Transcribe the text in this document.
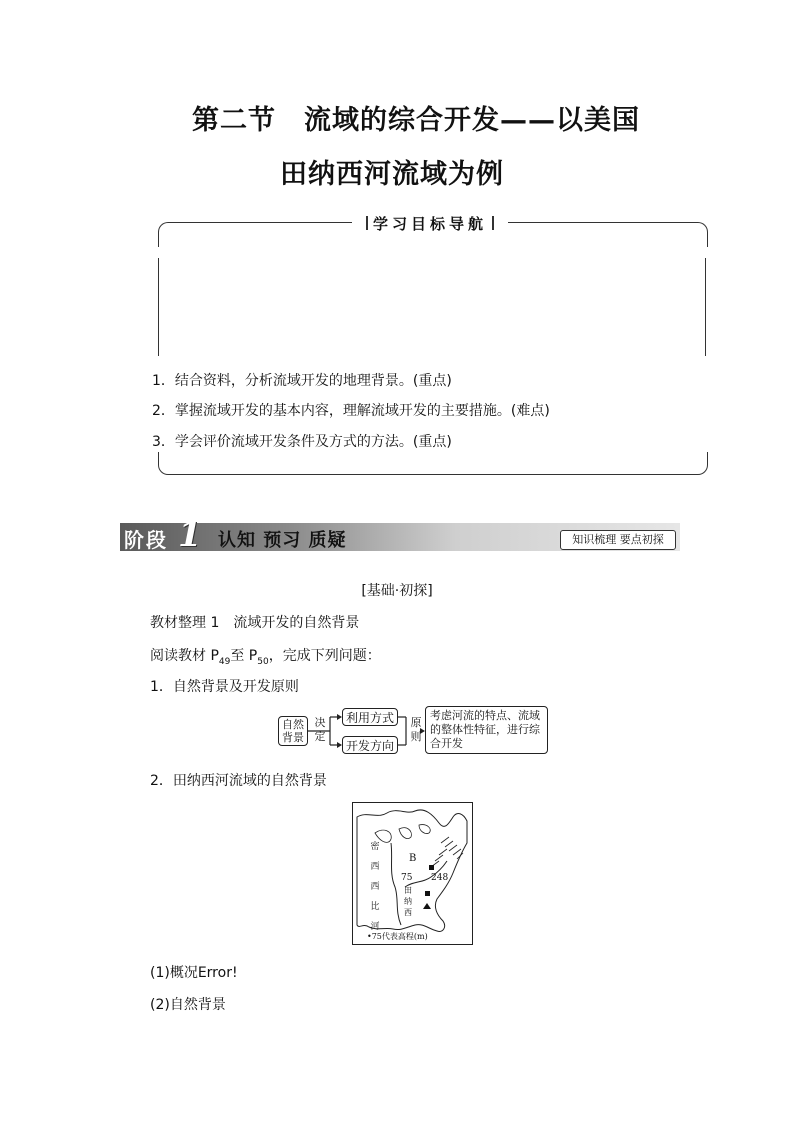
第二节　流域的综合开发——以美国
田纳西河流域为例
学习目标导航
1．结合资料，分析流域开发的地理背景。(重点)
2．掌握流域开发的基本内容，理解流域开发的主要措施。(难点)
3．学会评价流域开发条件及方式的方法。(重点)
阶段 1 认知 预习 质疑	知识梳理 要点初探
[基础·初探]
教材整理 1　流域开发的自然背景
阅读教材 $P_{49}$至 $P_{50}$，完成下列问题：
1．自然背景及开发原则
自然背景
决
定
利用方式
开发方向
原
则
考虑河流的特点、流域的整体性特征，进行综合开发
2．田纳西河流域的自然背景
密
西
西
比
河
B
75 248
田
纳
西
•75代表高程(m)
(1)概况Error!
(2)自然背景
